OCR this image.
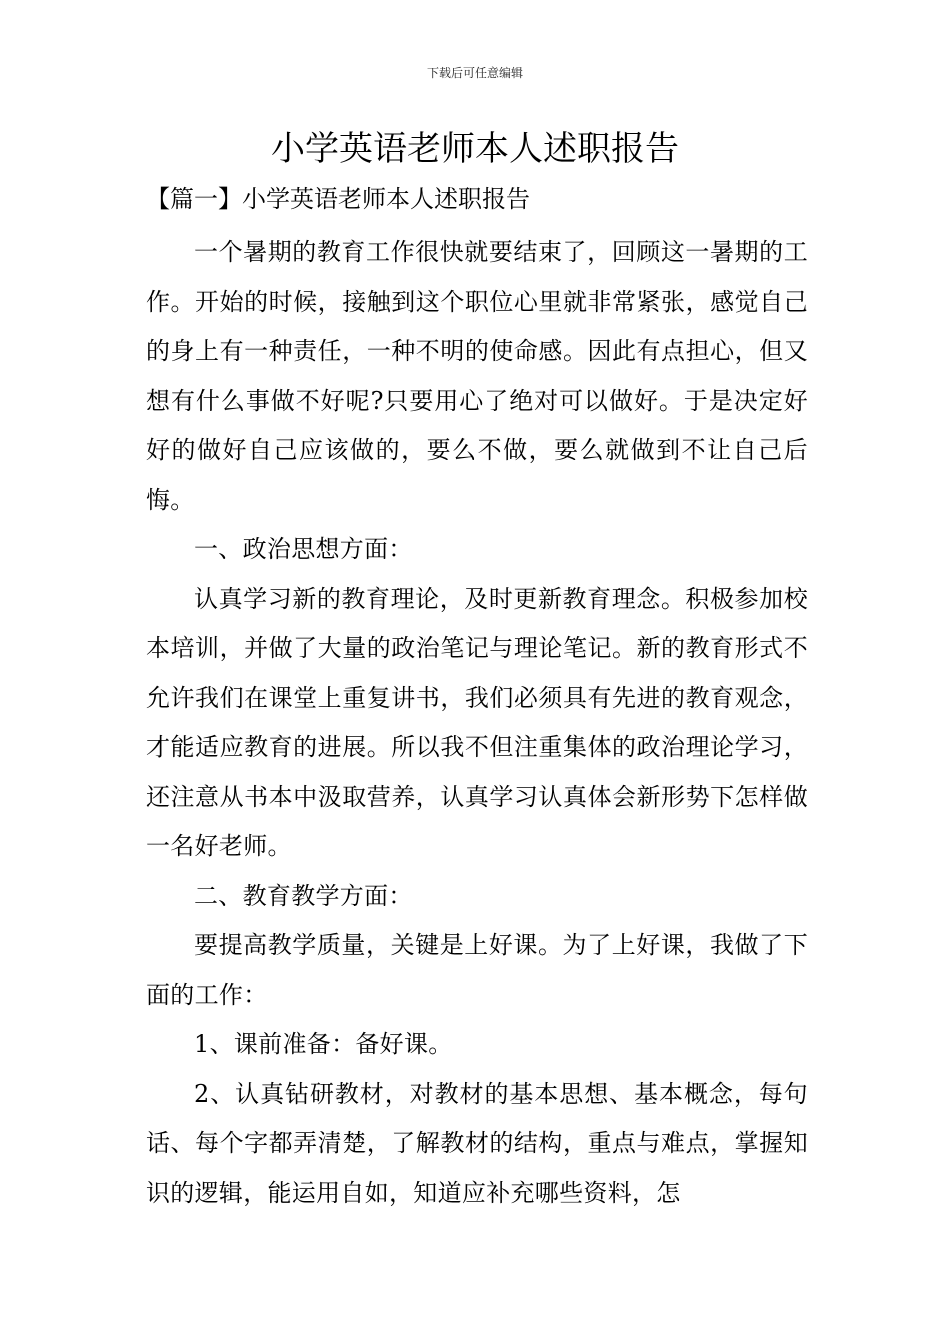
下载后可任意编辑
小学英语老师本人述职报告
【篇一】小学英语老师本人述职报告

一个暑期的教育工作很快就要结束了，回顾这一暑期的工作。开始的时候，接触到这个职位心里就非常紧张，感觉自己的身上有一种责任，一种不明的使命感。因此有点担心，但又想有什么事做不好呢?只要用心了绝对可以做好。于是决定好好的做好自己应该做的，要么不做，要么就做到不让自己后悔。

一、政治思想方面：

认真学习新的教育理论，及时更新教育理念。积极参加校本培训，并做了大量的政治笔记与理论笔记。新的教育形式不允许我们在课堂上重复讲书，我们必须具有先进的教育观念，才能适应教育的进展。所以我不但注重集体的政治理论学习，还注意从书本中汲取营养，认真学习认真体会新形势下怎样做一名好老师。

二、教育教学方面：

要提高教学质量，关键是上好课。为了上好课，我做了下面的工作：

1、课前准备：备好课。

2、认真钻研教材，对教材的基本思想、基本概念，每句话、每个字都弄清楚，了解教材的结构，重点与难点，掌握知识的逻辑，能运用自如，知道应补充哪些资料，怎
